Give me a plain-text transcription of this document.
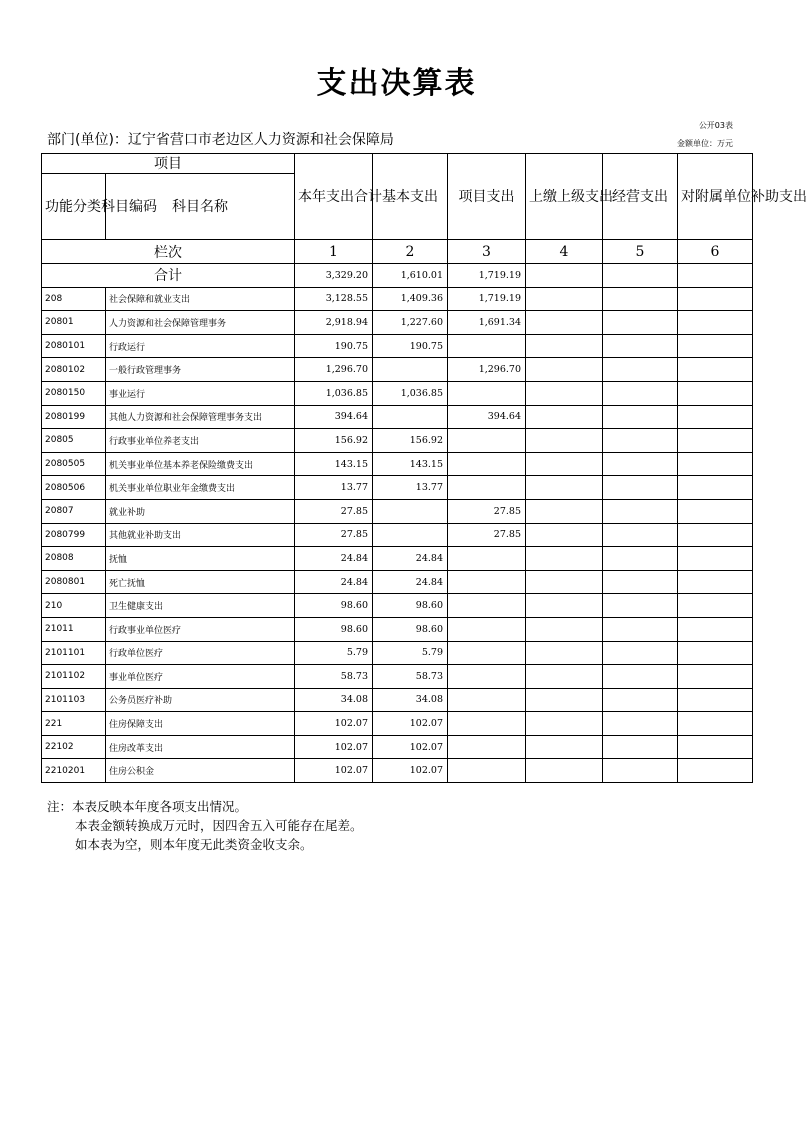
支出决算表
公开03表
部门(单位)：辽宁省营口市老边区人力资源和社会保障局	金额单位：万元
项目		本年支出合计	基本支出	项目支出	上缴上级支出	经营支出	对附属单位补助支出
功能分类科目编码	科目名称						
栏次		1	2	3	4	5	6
合计		3,329.20	1,610.01	1,719.19			
208	社会保障和就业支出	3,128.55	1,409.36	1,719.19			
20801	人力资源和社会保障管理事务	2,918.94	1,227.60	1,691.34			
2080101	行政运行	190.75	190.75				
2080102	一般行政管理事务	1,296.70		1,296.70			
2080150	事业运行	1,036.85	1,036.85				
2080199	其他人力资源和社会保障管理事务支出	394.64		394.64			
20805	行政事业单位养老支出	156.92	156.92				
2080505	机关事业单位基本养老保险缴费支出	143.15	143.15				
2080506	机关事业单位职业年金缴费支出	13.77	13.77				
20807	就业补助	27.85		27.85			
2080799	其他就业补助支出	27.85		27.85			
20808	抚恤	24.84	24.84				
2080801	死亡抚恤	24.84	24.84				
210	卫生健康支出	98.60	98.60				
21011	行政事业单位医疗	98.60	98.60				
2101101	行政单位医疗	5.79	5.79				
2101102	事业单位医疗	58.73	58.73				
2101103	公务员医疗补助	34.08	34.08				
221	住房保障支出	102.07	102.07				
22102	住房改革支出	102.07	102.07				
2210201	住房公积金	102.07	102.07				
注：本表反映本年度各项支出情况。
本表金额转换成万元时，因四舍五入可能存在尾差。
如本表为空，则本年度无此类资金收支余。
